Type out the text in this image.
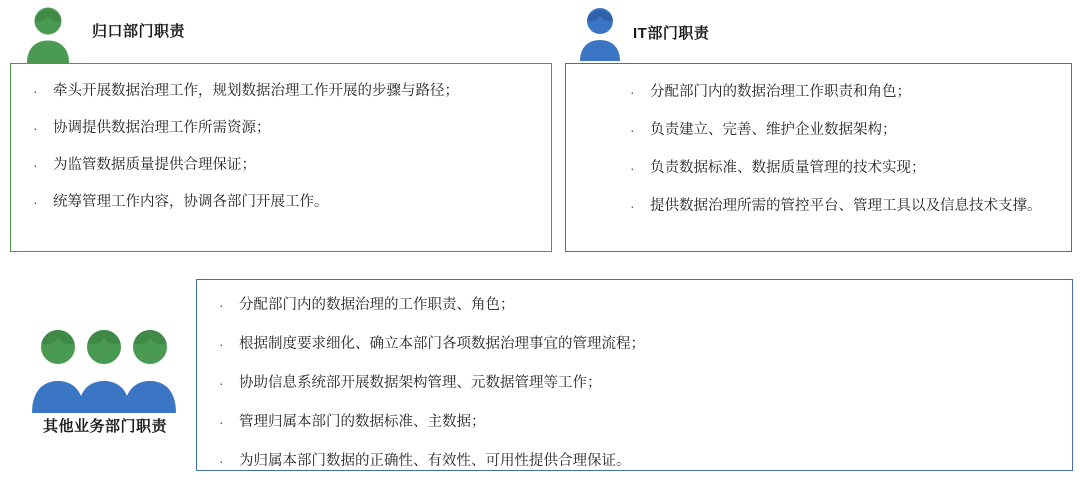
归口部门职责
· 牵头开展数据治理工作，规划数据治理工作开展的步骤与路径；
· 协调提供数据治理工作所需资源；
· 为监管数据质量提供合理保证；
· 统筹管理工作内容，协调各部门开展工作。
IT部门职责
· 分配部门内的数据治理工作职责和角色；
· 负责建立、完善、维护企业数据架构；
· 负责数据标准、数据质量管理的技术实现；
· 提供数据治理所需的管控平台、管理工具以及信息技术支撑。
其他业务部门职责
· 分配部门内的数据治理的工作职责、角色；
· 根据制度要求细化、确立本部门各项数据治理事宜的管理流程；
· 协助信息系统部开展数据架构管理、元数据管理等工作；
· 管理归属本部门的数据标准、主数据；
· 为归属本部门数据的正确性、有效性、可用性提供合理保证。
